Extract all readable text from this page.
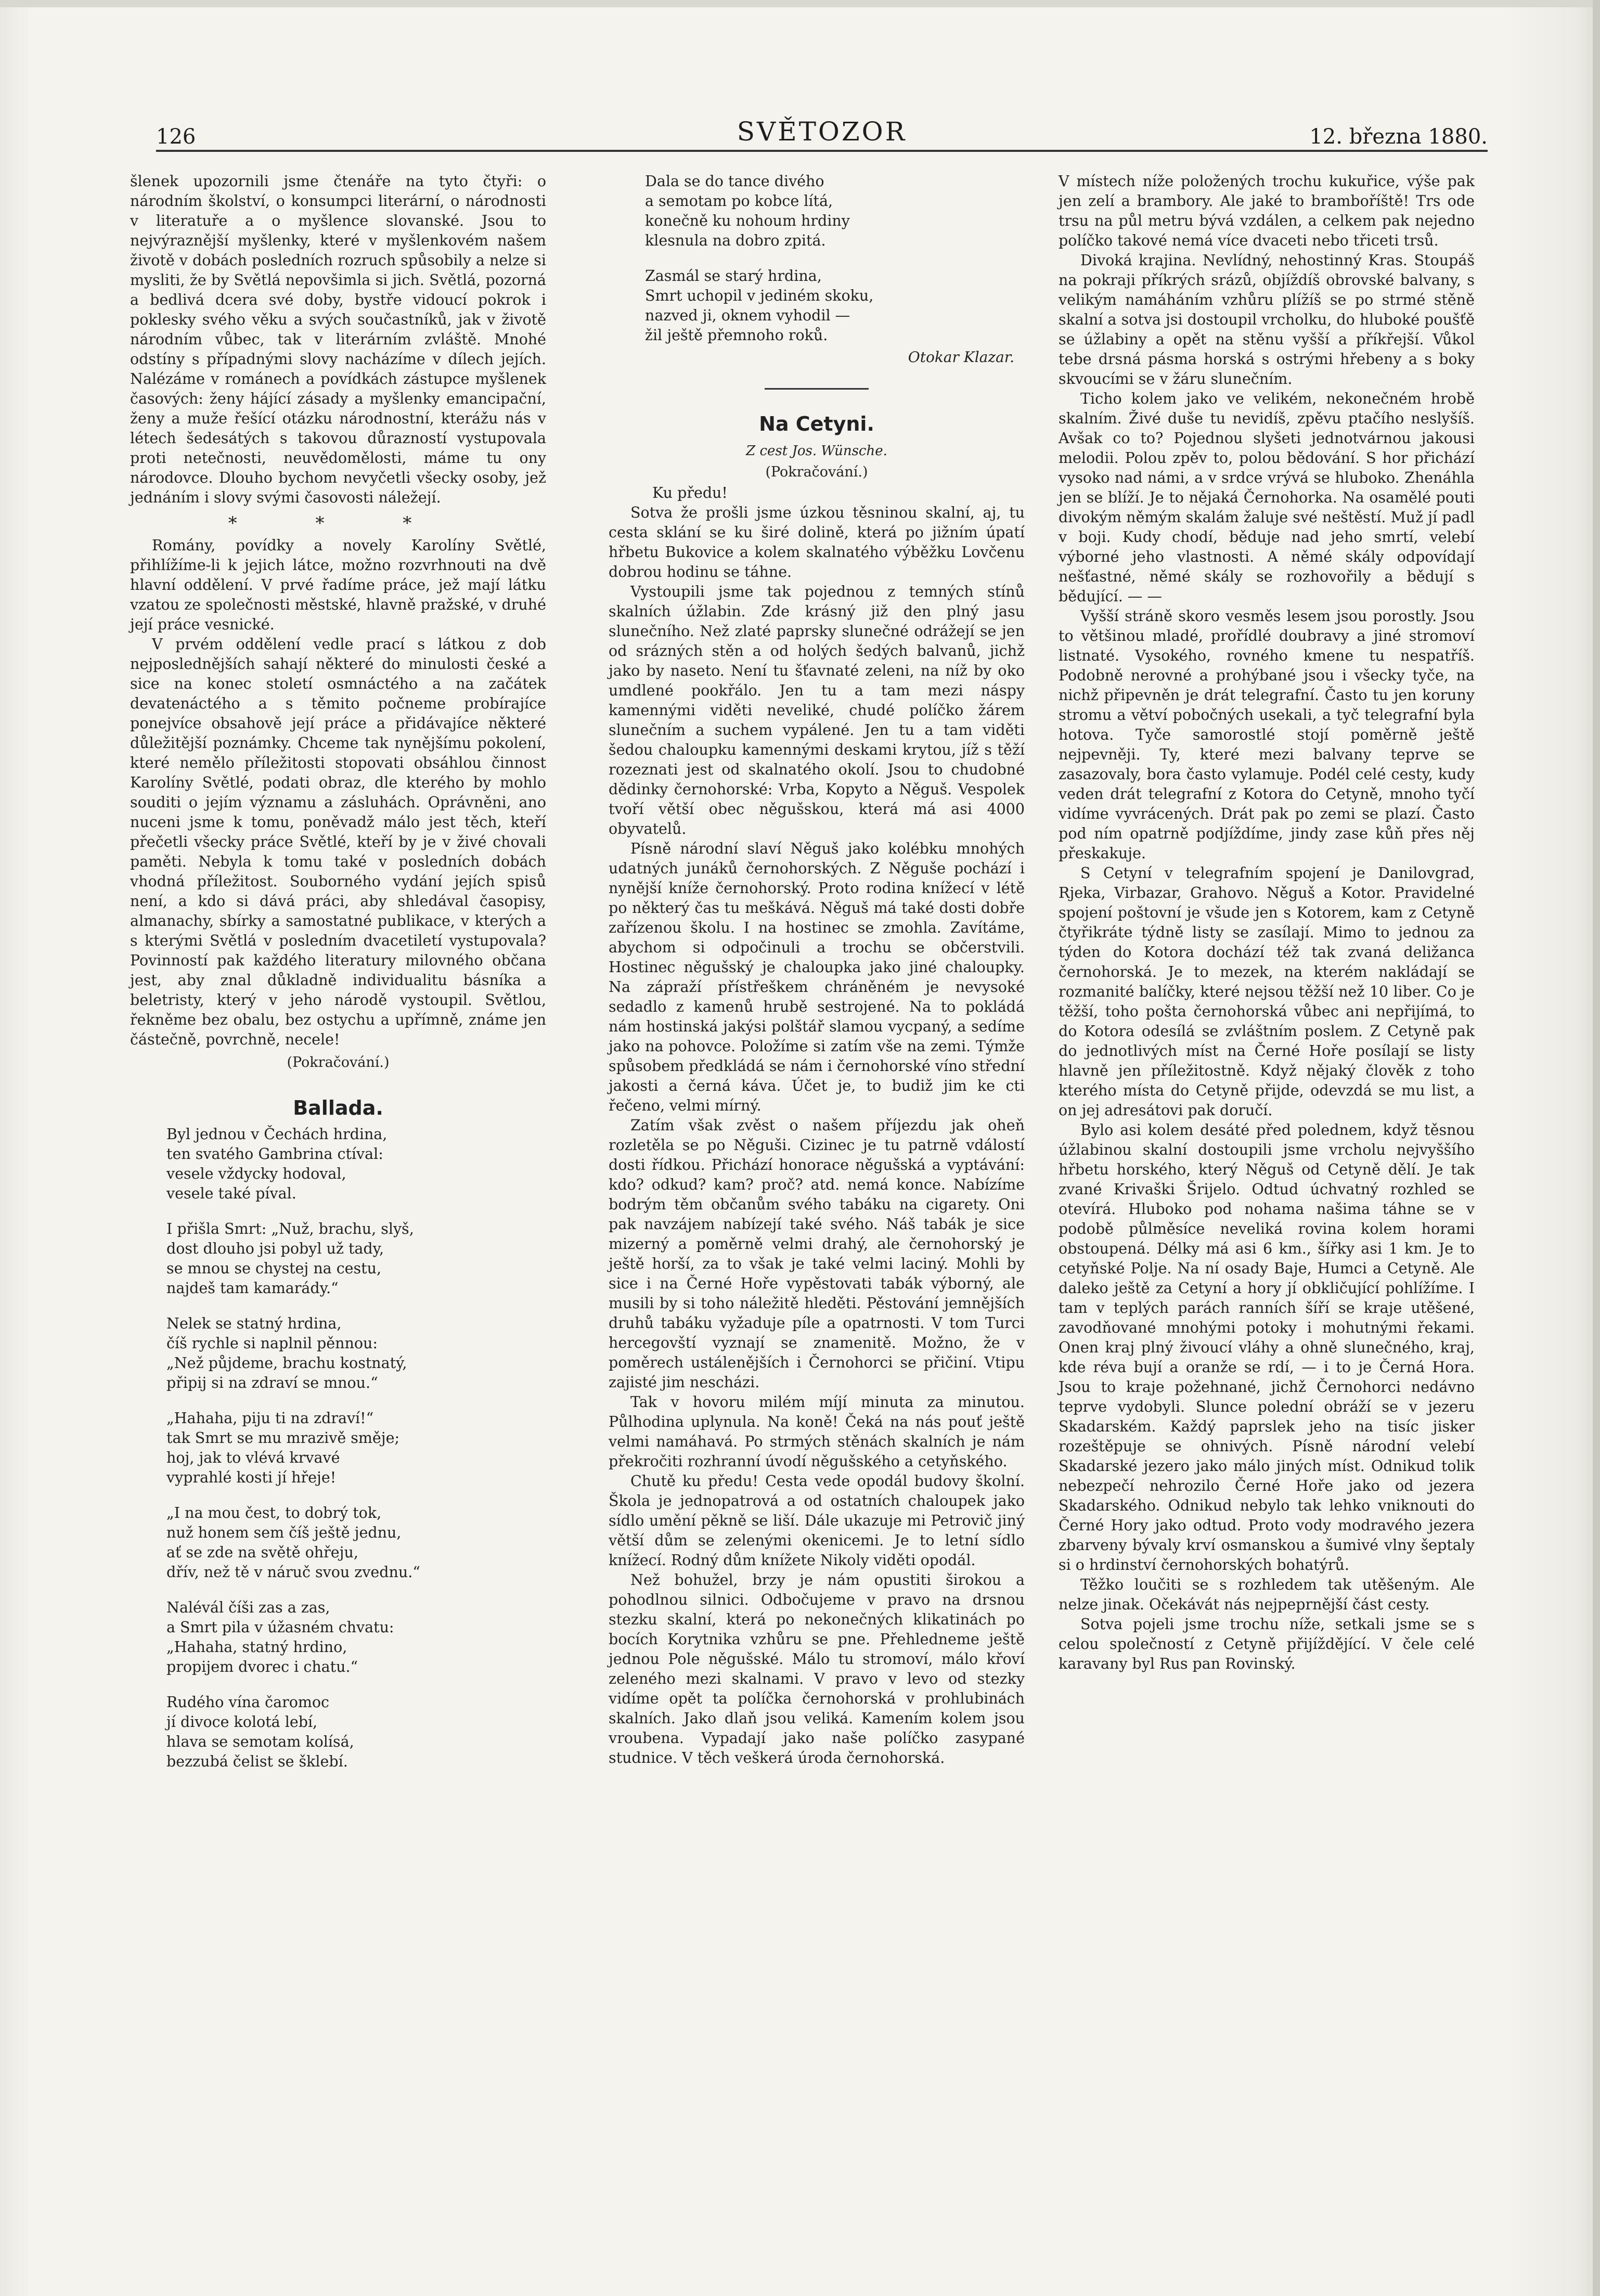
126	SVĚTOZOR	12. března 1880.

šlenek upozornili jsme čtenáře na tyto čtyři: o národním školství, o konsumpci literární, o národnosti v literatuře a o myšlence slovanské. Jsou to nejvýraznější myšlenky, které v myšlenkovém našem životě v dobách posledních rozruch spůsobily a nelze si mysliti, že by Světlá nepovšimla si jich. Světlá, pozorná a bedlivá dcera své doby, bystře vidoucí pokrok i poklesky svého věku a svých součastníků, jak v životě národním vůbec, tak v literárním zvláště. Mnohé odstíny s případnými slovy nacházíme v dílech jejích. Nalézáme v románech a povídkách zástupce myšlenek časových: ženy hájící zásady a myšlenky emancipační, ženy a muže řešící otázku národnostní, kterážu nás v létech šedesátých s takovou důrazností vystupovala proti netečnosti, neuvědomělosti, máme tu ony národovce. Dlouho bychom nevyčetli všecky osoby, jež jednáním i slovy svými časovosti náležejí.

* * *

Romány, povídky a novely Karolíny Světlé, přihlížíme-li k jejich látce, možno rozvrhnouti na dvě hlavní oddělení. V prvé řadíme práce, jež mají látku vzatou ze společnosti městské, hlavně pražské, v druhé její práce vesnické.

V prvém oddělení vedle prací s látkou z dob nejposlednějších sahají některé do minulosti české a sice na konec století osmnáctého a na začátek devatenáctého a s těmito počneme probírajíce ponejvíce obsahově její práce a přidávajíce některé důležitější poznámky. Chceme tak nynějšímu pokolení, které nemělo příležitosti stopovati obsáhlou činnost Karolíny Světlé, podati obraz, dle kterého by mohlo souditi o jejím významu a zásluhách. Oprávněni, ano nuceni jsme k tomu, poněvadž málo jest těch, kteří přečetli všecky práce Světlé, kteří by je v živé chovali paměti. Nebyla k tomu také v posledních dobách vhodná příležitost. Souborného vydání jejích spisů není, a kdo si dává práci, aby shledával časopisy, almanachy, sbírky a samostatné publikace, v kterých a s kterými Světlá v posledním dvacetiletí vystupovala? Povinností pak každého literatury milovného občana jest, aby znal důkladně individualitu básníka a beletristy, který v jeho národě vystoupil. Světlou, řekněme bez obalu, bez ostychu a upřímně, známe jen částečně, povrchně, necele!

(Pokračování.)
Ballada.
Byl jednou v Čechách hrdina,
ten svatého Gambrina ctíval:
vesele vždycky hodoval,
vesele také píval.
I přišla Smrt: „Nuž, brachu, slyš,
dost dlouho jsi pobyl už tady,
se mnou se chystej na cestu,
najdeš tam kamarády.“
Nelek se statný hrdina,
číš rychle si naplnil pěnnou:
„Než půjdeme, brachu kostnatý,
připij si na zdraví se mnou.“
„Hahaha, piju ti na zdraví!“
tak Smrt se mu mrazivě směje;
hoj, jak to vlévá krvavé
vyprahlé kosti jí hřeje!
„I na mou čest, to dobrý tok,
nuž honem sem číš ještě jednu,
ať se zde na světě ohřeju,
dřív, než tě v náruč svou zvednu.“
Nalévál číši zas a zas,
a Smrt pila v úžasném chvatu:
„Hahaha, statný hrdino,
propijem dvorec i chatu.“
Rudého vína čaromoc
jí divoce kolotá lebí,
hlava se semotam kolísá,
bezzubá čelist se šklebí.
Dala se do tance divého
a semotam po kobce lítá,
konečně ku nohoum hrdiny
klesnula na dobro zpitá.
Zasmál se starý hrdina,
Smrt uchopil v jediném skoku,
nazved ji, oknem vyhodil —
žil ještě přemnoho roků.
Otokar Klazar.
Na Cetyni.
Z cest Jos. Wünsche.
(Pokračování.)

Ku předu!

Sotva že prošli jsme úzkou těsninou skalní, aj, tu cesta sklání se ku širé dolině, která po jižním úpatí hřbetu Bukovice a kolem skalnatého výběžku Lovčenu dobrou hodinu se táhne.

Vystoupili jsme tak pojednou z temných stínů skalních úžlabin. Zde krásný již den plný jasu slunečního. Než zlaté paprsky slunečné odrážejí se jen od srázných stěn a od holých šedých balvanů, jichž jako by naseto. Není tu šťavnaté zeleni, na níž by oko umdlené pookřálo. Jen tu a tam mezi náspy kamennými viděti neveliké, chudé políčko žárem slunečním a suchem vypálené. Jen tu a tam viděti šedou chaloupku kamennými deskami krytou, jíž s těží rozeznati jest od skalnatého okolí. Jsou to chudobné dědinky černohorské: Vrba, Kopyto a Něguš. Vespolek tvoří větší obec něgušskou, která má asi 4000 obyvatelů.

Písně národní slaví Něguš jako kolébku mnohých udatných junáků černohorských. Z Něguše pochází i nynější kníže černohorský. Proto rodina knížecí v létě po některý čas tu meškává. Něguš má také dosti dobře zařízenou školu. I na hostinec se zmohla. Zavítáme, abychom si odpočinuli a trochu se občerstvili. Hostinec něgušský je chaloupka jako jiné chaloupky. Na zápraží přístřeškem chráněném je nevysoké sedadlo z kamenů hrubě sestrojené. Na to pokládá nám hostinská jakýsi polštář slamou vycpaný, a sedíme jako na pohovce. Položíme si zatím vše na zemi. Týmže spůsobem předkládá se nám i černohorské víno střední jakosti a černá káva. Účet je, to budiž jim ke cti řečeno, velmi mírný.

Zatím však zvěst o našem příjezdu jak oheň rozletěla se po Něguši. Cizinec je tu patrně vdálostí dosti řídkou. Přichází honorace něgušská a vyptávání: kdo? odkud? kam? proč? atd. nemá konce. Nabízíme bodrým těm občanům svého tabáku na cigarety. Oni pak navzájem nabízejí také svého. Náš tabák je sice mizerný a poměrně velmi drahý, ale černohorský je ještě horší, za to však je také velmi laciný. Mohli by sice i na Černé Hoře vypěstovati tabák výborný, ale musili by si toho náležitě hleděti. Pěstování jemnějších druhů tabáku vyžaduje píle a opatrnosti. V tom Turci hercegovští vyznají se znamenitě. Možno, že v poměrech ustálenějších i Černohorci se přičiní. Vtipu zajisté jim nescházi.

Tak v hovoru milém míjí minuta za minutou. Půlhodina uplynula. Na koně! Čeká na nás pouť ještě velmi namáhavá. Po strmých stěnách skalních je nám překročiti rozhranní úvodí něgušského a cetyňského.

Chutě ku předu! Cesta vede opodál budovy školní. Škola je jednopatrová a od ostatních chaloupek jako sídlo umění pěkně se liší. Dále ukazuje mi Petrovič jiný větší dům se zelenými okenicemi. Je to letní sídlo knížecí. Rodný dům knížete Nikoly viděti opodál.

Než bohužel, brzy je nám opustiti širokou a pohodlnou silnici. Odbočujeme v pravo na drsnou stezku skalní, která po nekonečných klikatinách po bocích Korytnika vzhůru se pne. Přehledneme ještě jednou Pole něgušské. Málo tu stromoví, málo křoví zeleného mezi skalnami. V pravo v levo od stezky vidíme opět ta políčka černohorská v prohlubinách skalních. Jako dlaň jsou veliká. Kamením kolem jsou vroubena. Vypadají jako naše políčko zasypané studnice. V těch veškerá úroda černohorská.

V místech níže položených trochu kukuřice, výše pak jen zelí a brambory. Ale jaké to bramboříště! Trs ode trsu na půl metru bývá vzdálen, a celkem pak nejedno políčko takové nemá více dvaceti nebo třiceti trsů.

Divoká krajina. Nevlídný, nehostinný Kras. Stoupáš na pokraji příkrých srázů, objíždíš obrovské balvany, s velikým namáháním vzhůru plížíš se po strmé stěně skalní a sotva jsi dostoupil vrcholku, do hluboké poušťě se úžlabiny a opět na stěnu vyšší a příkřejší. Vůkol tebe drsná pásma horská s ostrými hřebeny a s boky skvoucími se v žáru slunečním.

Ticho kolem jako ve velikém, nekonečném hrobě skalním. Živé duše tu nevidíš, zpěvu ptačího neslyšíš. Avšak co to? Pojednou slyšeti jednotvárnou jakousi melodii. Polou zpěv to, polou bědování. S hor přichází vysoko nad námi, a v srdce vrývá se hluboko. Zhenáhla jen se blíží. Je to nějaká Černohorka. Na osamělé pouti divokým němým skalám žaluje své neštěstí. Muž jí padl v boji. Kudy chodí, běduje nad jeho smrtí, velebí výborné jeho vlastnosti. A němé skály odpovídají nešťastné, němé skály se rozhovořily a bědují s bědující. — —

Vyšší stráně skoro vesměs lesem jsou porostly. Jsou to většinou mladé, prořídlé doubravy a jiné stromoví listnaté. Vysokého, rovného kmene tu nespatříš. Podobně nerovné a prohýbané jsou i všecky tyče, na nichž připevněn je drát telegrafní. Často tu jen koruny stromu a větví pobočných usekali, a tyč telegrafní byla hotova. Tyče samorostlé stojí poměrně ještě nejpevněji. Ty, které mezi balvany teprve se zasazovaly, bora často vylamuje. Podél celé cesty, kudy veden drát telegrafní z Kotora do Cetyně, mnoho tyčí vidíme vyvrácených. Drát pak po zemi se plazí. Často pod ním opatrně podjíždíme, jindy zase kůň přes něj přeskakuje.

S Cetyní v telegrafním spojení je Danilovgrad, Rjeka, Virbazar, Grahovo. Něguš a Kotor. Pravidelné spojení poštovní je všude jen s Kotorem, kam z Cetyně čtyřikráte týdně listy se zasílají. Mimo to jednou za týden do Kotora dochází též tak zvaná deližanca černohorská. Je to mezek, na kterém nakládají se rozmanité balíčky, které nejsou těžší než 10 liber. Co je těžší, toho pošta černohorská vůbec ani nepřijímá, to do Kotora odesílá se zvláštním poslem. Z Cetyně pak do jednotlivých míst na Černé Hoře posílají se listy hlavně jen příležitostně. Když nějaký člověk z toho kterého místa do Cetyně přijde, odevzdá se mu list, a on jej adresátovi pak doručí.

Bylo asi kolem desáté před polednem, když těsnou úžlabinou skalní dostoupili jsme vrcholu nejvyššího hřbetu horského, který Něguš od Cetyně dělí. Je tak zvané Krivaški Šrijelo. Odtud úchvatný rozhled se otevírá. Hluboko pod nohama našima táhne se v podobě půlměsíce neveliká rovina kolem horami obstoupená. Délky má asi 6 km., šířky asi 1 km. Je to cetyňské Polje. Na ní osady Baje, Humci a Cetyně. Ale daleko ještě za Cetyní a hory jí obkličující pohlížíme. I tam v teplých parách ranních šíří se kraje utěšené, zavodňované mnohými potoky i mohutnými řekami. Onen kraj plný živoucí vláhy a ohně slunečného, kraj, kde réva bují a oranže se rdí, — i to je Černá Hora. Jsou to kraje požehnané, jichž Černohorci nedávno teprve vydobyli. Slunce polední obráží se v jezeru Skadarském. Každý paprslek jeho na tisíc jisker rozeštěpuje se ohnivých. Písně národní velebí Skadarské jezero jako málo jiných míst. Odnikud tolik nebezpečí nehrozilo Černé Hoře jako od jezera Skadarského. Odnikud nebylo tak lehko vniknouti do Černé Hory jako odtud. Proto vody modravého jezera zbarveny bývaly krví osmanskou a šumivé vlny šeptaly si o hrdinství černohorských bohatýrů.

Těžko loučiti se s rozhledem tak utěšeným. Ale nelze jinak. Očekávát nás nejpeprnější část cesty.

Sotva pojeli jsme trochu níže, setkali jsme se s celou společností z Cetyně přijíždějící. V čele celé karavany byl Rus pan Rovinský.
